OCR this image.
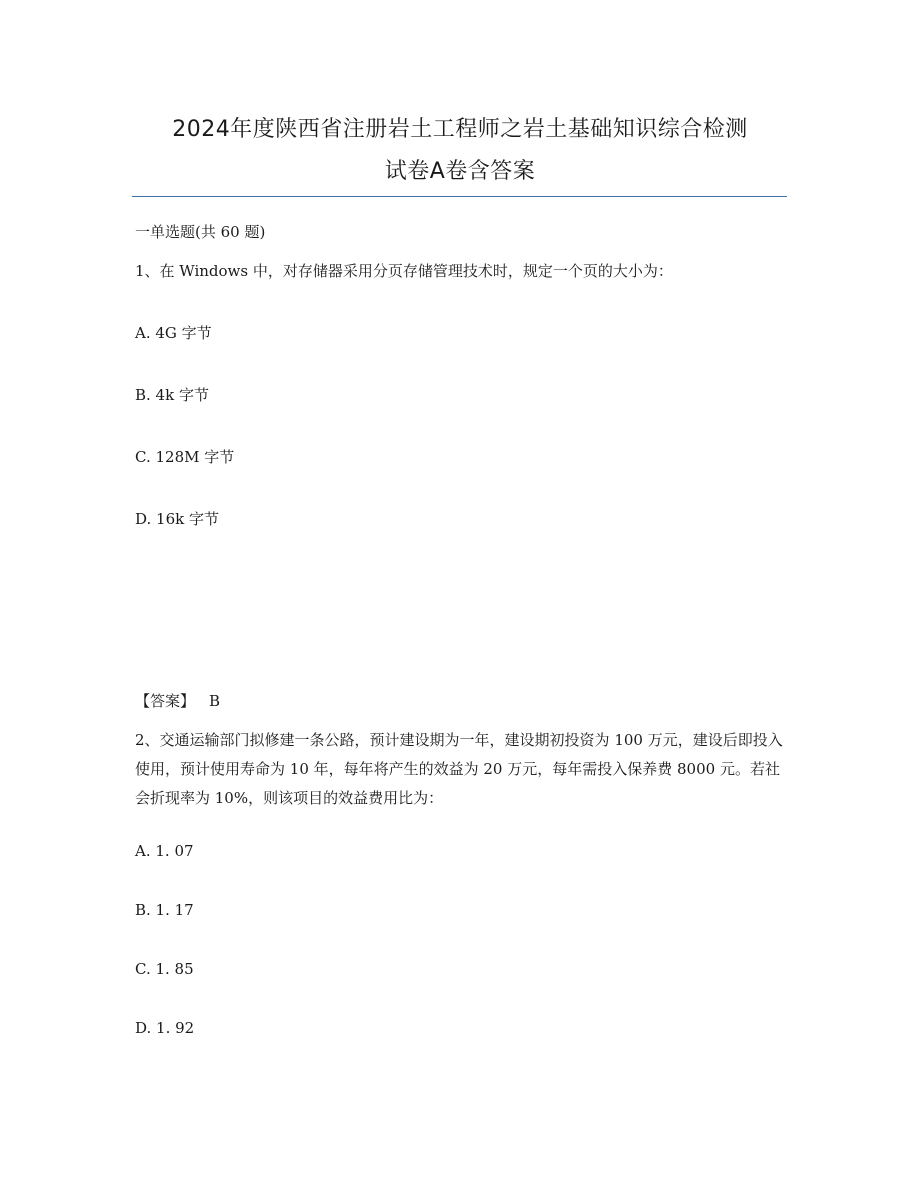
2024年度陕西省注册岩土工程师之岩土基础知识综合检测
试卷A卷含答案
一单选题(共 60 题)
1、在 Windows 中，对存储器采用分页存储管理技术时，规定一个页的大小为：
A. 4G 字节
B. 4k 字节
C. 128M 字节
D. 16k 字节
【答案】 B
2、交通运输部门拟修建一条公路，预计建设期为一年，建设期初投资为 100 万元，建设后即投入使用，预计使用寿命为 10 年，每年将产生的效益为 20 万元，每年需投入保养费 8000 元。若社会折现率为 10%，则该项目的效益费用比为：
A. 1. 07
B. 1. 17
C. 1. 85
D. 1. 92
